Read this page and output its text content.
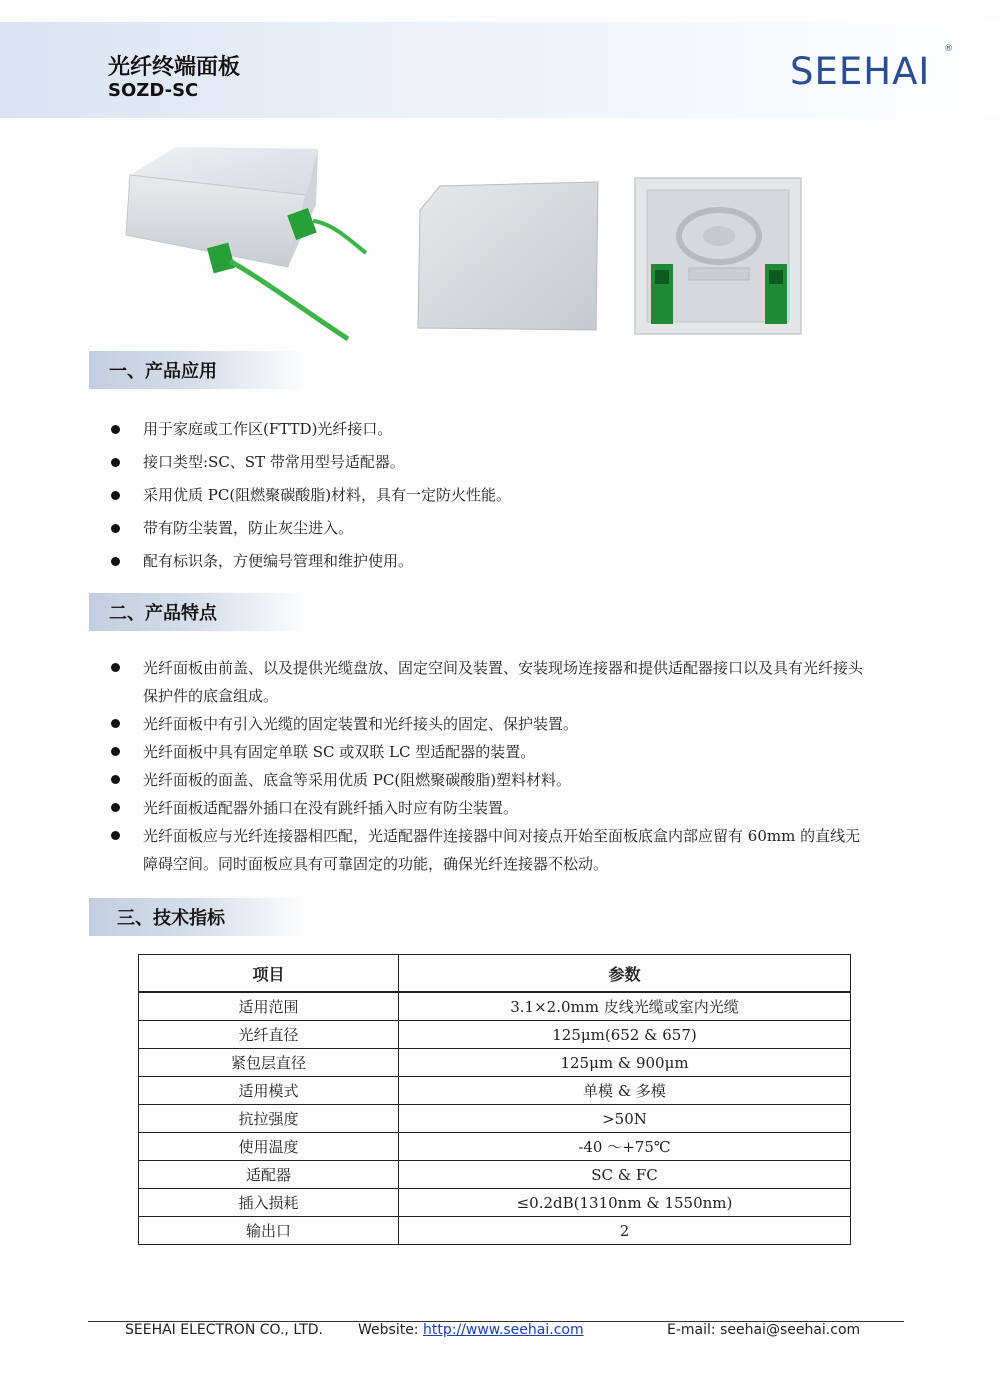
光纤终端面板
SOZD-SC	SEEHAI
®
一、产品应用
用于家庭或工作区(FTTD)光纤接口。
接口类型:SC、ST 带常用型号适配器。
采用优质 PC(阻燃聚碳酸脂)材料，具有一定防火性能。
带有防尘装置，防止灰尘进入。
配有标识条，方便编号管理和维护使用。
二、产品特点
光纤面板由前盖、以及提供光缆盘放、固定空间及装置、安装现场连接器和提供适配器接口以及具有光纤接头保护件的底盒组成。
光纤面板中有引入光缆的固定装置和光纤接头的固定、保护装置。
光纤面板中具有固定单联 SC 或双联 LC 型适配器的装置。
光纤面板的面盖、底盒等采用优质 PC(阻燃聚碳酸脂)塑料材料。
光纤面板适配器外插口在没有跳纤插入时应有防尘装置。
光纤面板应与光纤连接器相匹配，光适配器件连接器中间对接点开始至面板底盒内部应留有 60mm 的直线无障碍空间。同时面板应具有可靠固定的功能，确保光纤连接器不松动。
三、技术指标
项目	参数
适用范围	3.1×2.0mm 皮线光缆或室内光缆
光纤直径	125μm(652 & 657)
紧包层直径	125μm & 900μm
适用模式	单模 & 多模
抗拉强度	>50N
使用温度	-40 ～+75℃
适配器	SC & FC
插入损耗	≤0.2dB(1310nm & 1550nm)
输出口	2
SEEHAI ELECTRON CO., LTD.	Website: http://www.seehai.com	E-mail: seehai@seehai.com
